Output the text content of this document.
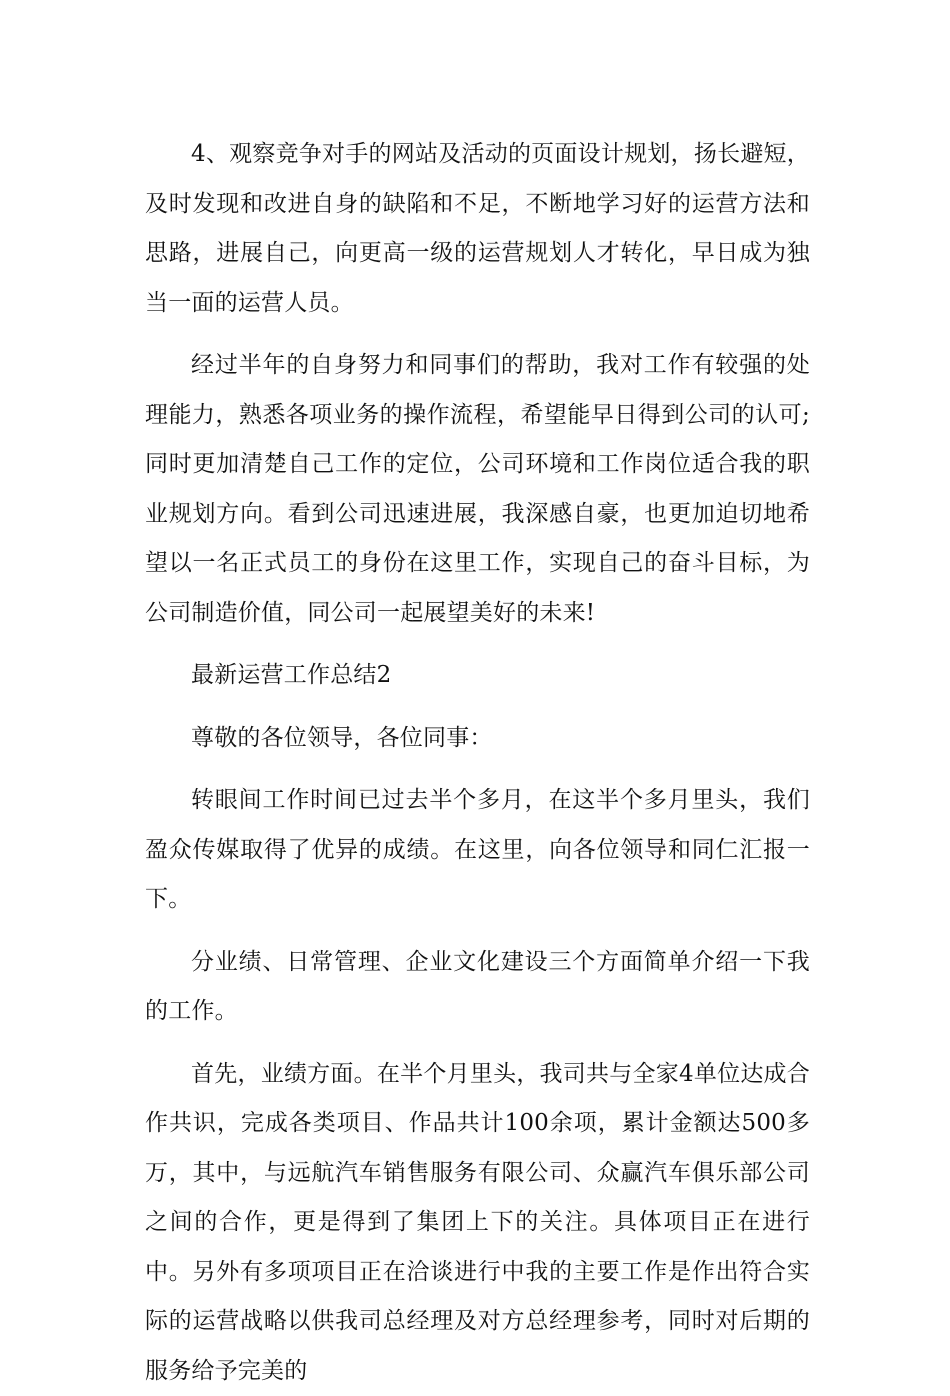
4、观察竞争对手的网站及活动的页面设计规划，扬长避短，及时发现和改进自身的缺陷和不足，不断地学习好的运营方法和思路，进展自己，向更高一级的运营规划人才转化，早日成为独当一面的运营人员。

经过半年的自身努力和同事们的帮助，我对工作有较强的处理能力，熟悉各项业务的操作流程，希望能早日得到公司的认可;同时更加清楚自己工作的定位，公司环境和工作岗位适合我的职业规划方向。看到公司迅速进展，我深感自豪，也更加迫切地希望以一名正式员工的身份在这里工作，实现自己的奋斗目标，为公司制造价值，同公司一起展望美好的未来!

最新运营工作总结2

尊敬的各位领导，各位同事：

转眼间工作时间已过去半个多月，在这半个多月里头，我们盈众传媒取得了优异的成绩。在这里，向各位领导和同仁汇报一下。

分业绩、日常管理、企业文化建设三个方面简单介绍一下我的工作。

首先，业绩方面。在半个月里头，我司共与全家4单位达成合作共识，完成各类项目、作品共计100余项，累计金额达500多万，其中，与远航汽车销售服务有限公司、众赢汽车俱乐部公司之间的合作，更是得到了集团上下的关注。具体项目正在进行中。另外有多项项目正在洽谈进行中我的主要工作是作出符合实际的运营战略以供我司总经理及对方总经理参考，同时对后期的服务给予完美的
